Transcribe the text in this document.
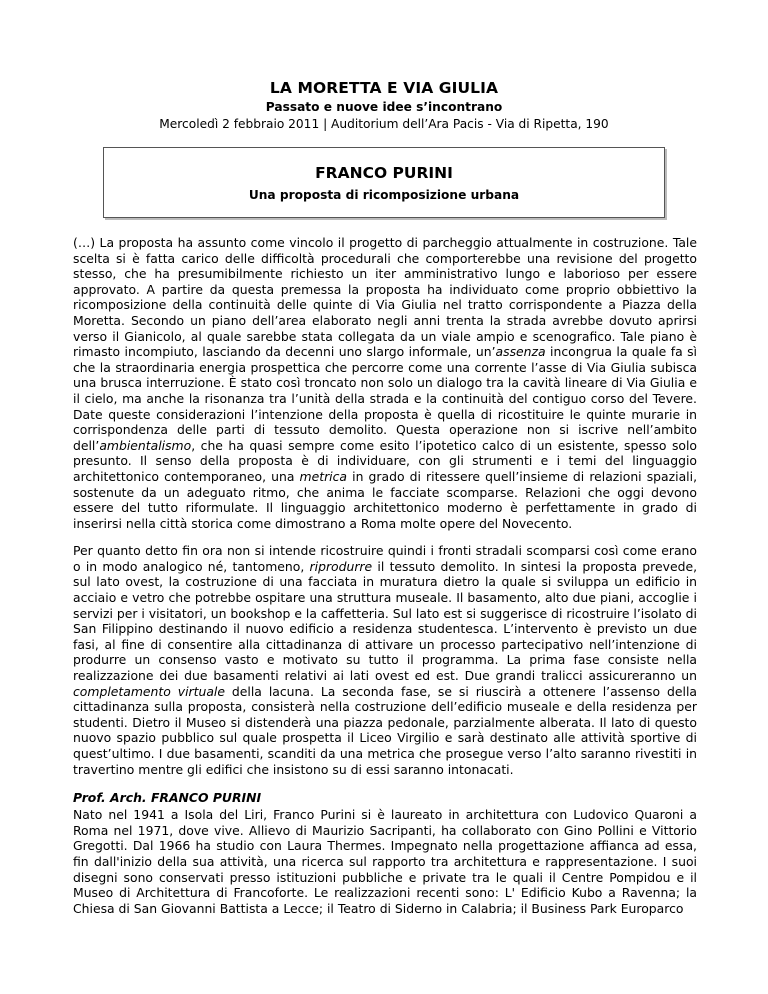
LA MORETTA E VIA GIULIA

Passato e nuove idee s’incontrano

Mercoledì 2 febbraio 2011 | Auditorium dell’Ara Pacis - Via di Ripetta, 190

FRANCO PURINI

Una proposta di ricomposizione urbana

(…) La proposta ha assunto come vincolo il progetto di parcheggio attualmente in costruzione. Tale scelta si è fatta carico delle difficoltà procedurali che comporterebbe una revisione del progetto stesso, che ha presumibilmente richiesto un iter amministrativo lungo e laborioso per essere approvato. A partire da questa premessa la proposta ha individuato come proprio obbiettivo la ricomposizione della continuità delle quinte di Via Giulia nel tratto corrispondente a Piazza della Moretta. Secondo un piano dell’area elaborato negli anni trenta la strada avrebbe dovuto aprirsi verso il Gianicolo, al quale sarebbe stata collegata da un viale ampio e scenografico. Tale piano è rimasto incompiuto, lasciando da decenni uno slargo informale, un’assenza incongrua la quale fa sì che la straordinaria energia prospettica che percorre come una corrente l’asse di Via Giulia subisca una brusca interruzione. È stato così troncato non solo un dialogo tra la cavità lineare di Via Giulia e il cielo, ma anche la risonanza tra l’unità della strada e la continuità del contiguo corso del Tevere. Date queste considerazioni l’intenzione della proposta è quella di ricostituire le quinte murarie in corrispondenza delle parti di tessuto demolito. Questa operazione non si iscrive nell’ambito dell’ambientalismo, che ha quasi sempre come esito l’ipotetico calco di un esistente, spesso solo presunto. Il senso della proposta è di individuare, con gli strumenti e i temi del linguaggio architettonico contemporaneo, una metrica in grado di ritessere quell’insieme di relazioni spaziali, sostenute da un adeguato ritmo, che anima le facciate scomparse. Relazioni che oggi devono essere del tutto riformulate. Il linguaggio architettonico moderno è perfettamente in grado di inserirsi nella città storica come dimostrano a Roma molte opere del Novecento.

Per quanto detto fin ora non si intende ricostruire quindi i fronti stradali scomparsi così come erano o in modo analogico né, tantomeno, riprodurre il tessuto demolito. In sintesi la proposta prevede, sul lato ovest, la costruzione di una facciata in muratura dietro la quale si sviluppa un edificio in acciaio e vetro che potrebbe ospitare una struttura museale. Il basamento, alto due piani, accoglie i servizi per i visitatori, un bookshop e la caffetteria. Sul lato est si suggerisce di ricostruire l’isolato di San Filippino destinando il nuovo edificio a residenza studentesca. L’intervento è previsto un due fasi, al fine di consentire alla cittadinanza di attivare un processo partecipativo nell’intenzione di produrre un consenso vasto e motivato su tutto il programma. La prima fase consiste nella realizzazione dei due basamenti relativi ai lati ovest ed est. Due grandi tralicci assicureranno un completamento virtuale della lacuna. La seconda fase, se si riuscirà a ottenere l’assenso della cittadinanza sulla proposta, consisterà nella costruzione dell’edificio museale e della residenza per studenti. Dietro il Museo si distenderà una piazza pedonale, parzialmente alberata. Il lato di questo nuovo spazio pubblico sul quale prospetta il Liceo Virgilio e sarà destinato alle attività sportive di quest’ultimo. I due basamenti, scanditi da una metrica che prosegue verso l’alto saranno rivestiti in travertino mentre gli edifici che insistono su di essi saranno intonacati.

Prof. Arch. FRANCO PURINI

Nato nel 1941 a Isola del Liri, Franco Purini si è laureato in architettura con Ludovico Quaroni a Roma nel 1971, dove vive. Allievo di Maurizio Sacripanti, ha collaborato con Gino Pollini e Vittorio Gregotti. Dal 1966 ha studio con Laura Thermes. Impegnato nella progettazione affianca ad essa, fin dall'inizio della sua attività, una ricerca sul rapporto tra architettura e rappresentazione. I suoi disegni sono conservati presso istituzioni pubbliche e private tra le quali il Centre Pompidou e il Museo di Architettura di Francoforte. Le realizzazioni recenti sono: L' Edificio Kubo a Ravenna; la Chiesa di San Giovanni Battista a Lecce; il Teatro di Siderno in Calabria; il Business Park Europarco
